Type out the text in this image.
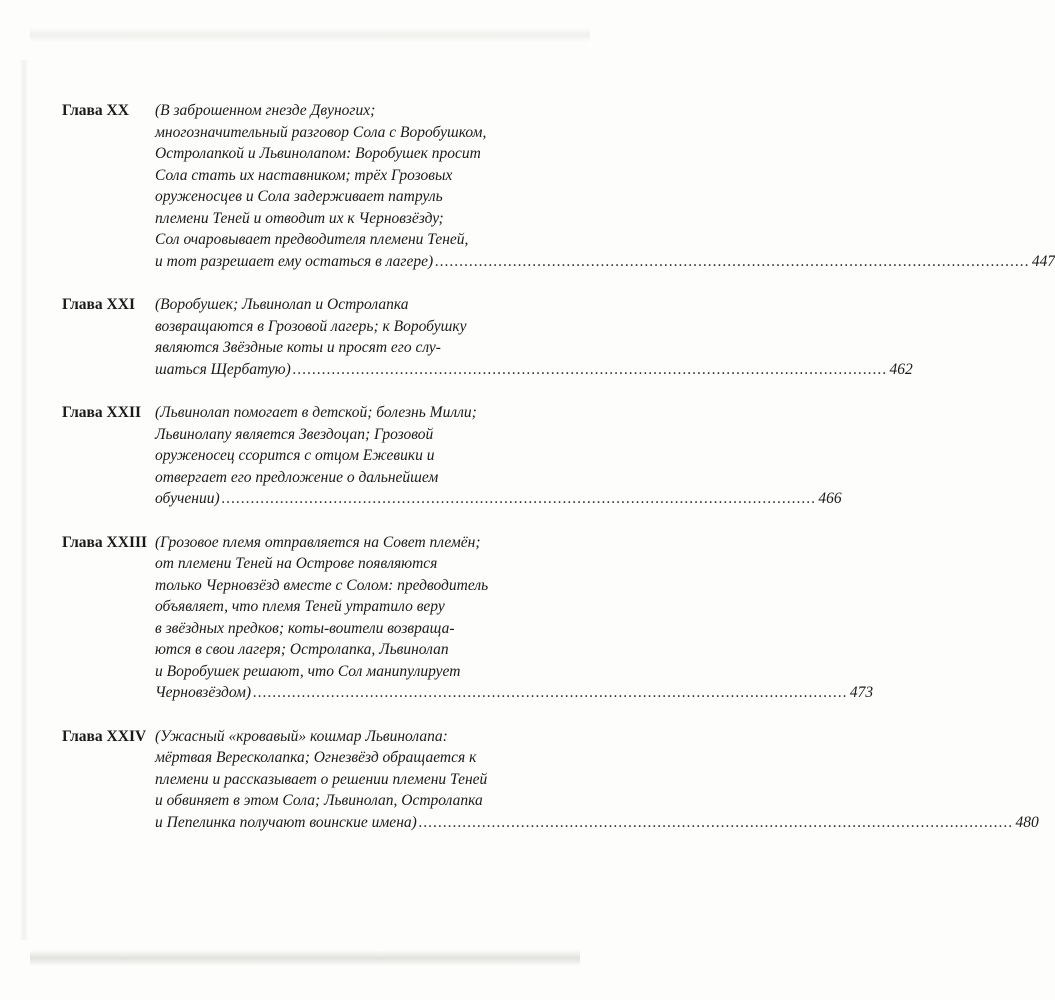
Глава XX	(В заброшенном гнезде Двуногих;
многозначительный разговор Сола с Воробушком,
Остролапкой и Львинолапом: Воробушек просит
Сола стать их наставником; трёх Грозовых
оруженосцев и Сола задерживает патруль
племени Теней и отводит их к Черновзёзду;
Сол очаровывает предводителя племени Теней,
и тот разрешает ему остаться в лагере) .....	447
Глава XXI	(Воробушек; Львинолап и Остролапка
возвращаются в Грозовой лагерь; к Воробушку
являются Звёздные коты и просят его слу-
шаться Щербатую) .....	462
Глава XXII (Львинолап помогает в детской; болезнь Милли;
Львинолапу является Звездоцап; Грозовой
оруженосец ссорится с отцом Ежевики и
отвергает его предложение о дальнейшем
обучении) .....	466
Глава XXIII (Грозовое племя отправляется на Совет племён;
от племени Теней на Острове появляются
только Черновзёзд вместе с Солом: предводитель
объявляет, что племя Теней утратило веру
в звёздных предков; коты-воители возвраща-
ются в свои лагеря; Остролапка, Львинолап
и Воробушек решают, что Сол манипулирует
Черновзёздом) .....	473
Глава XXIV (Ужасный «кровавый» кошмар Львинолапа:
мёртвая Вересколапка; Огнезвёзд обращается к
племени и рассказывает о решении племени Теней
и обвиняет в этом Сола; Львинолап, Остролапка
и Пепелинка получают воинские имена) .....	480
